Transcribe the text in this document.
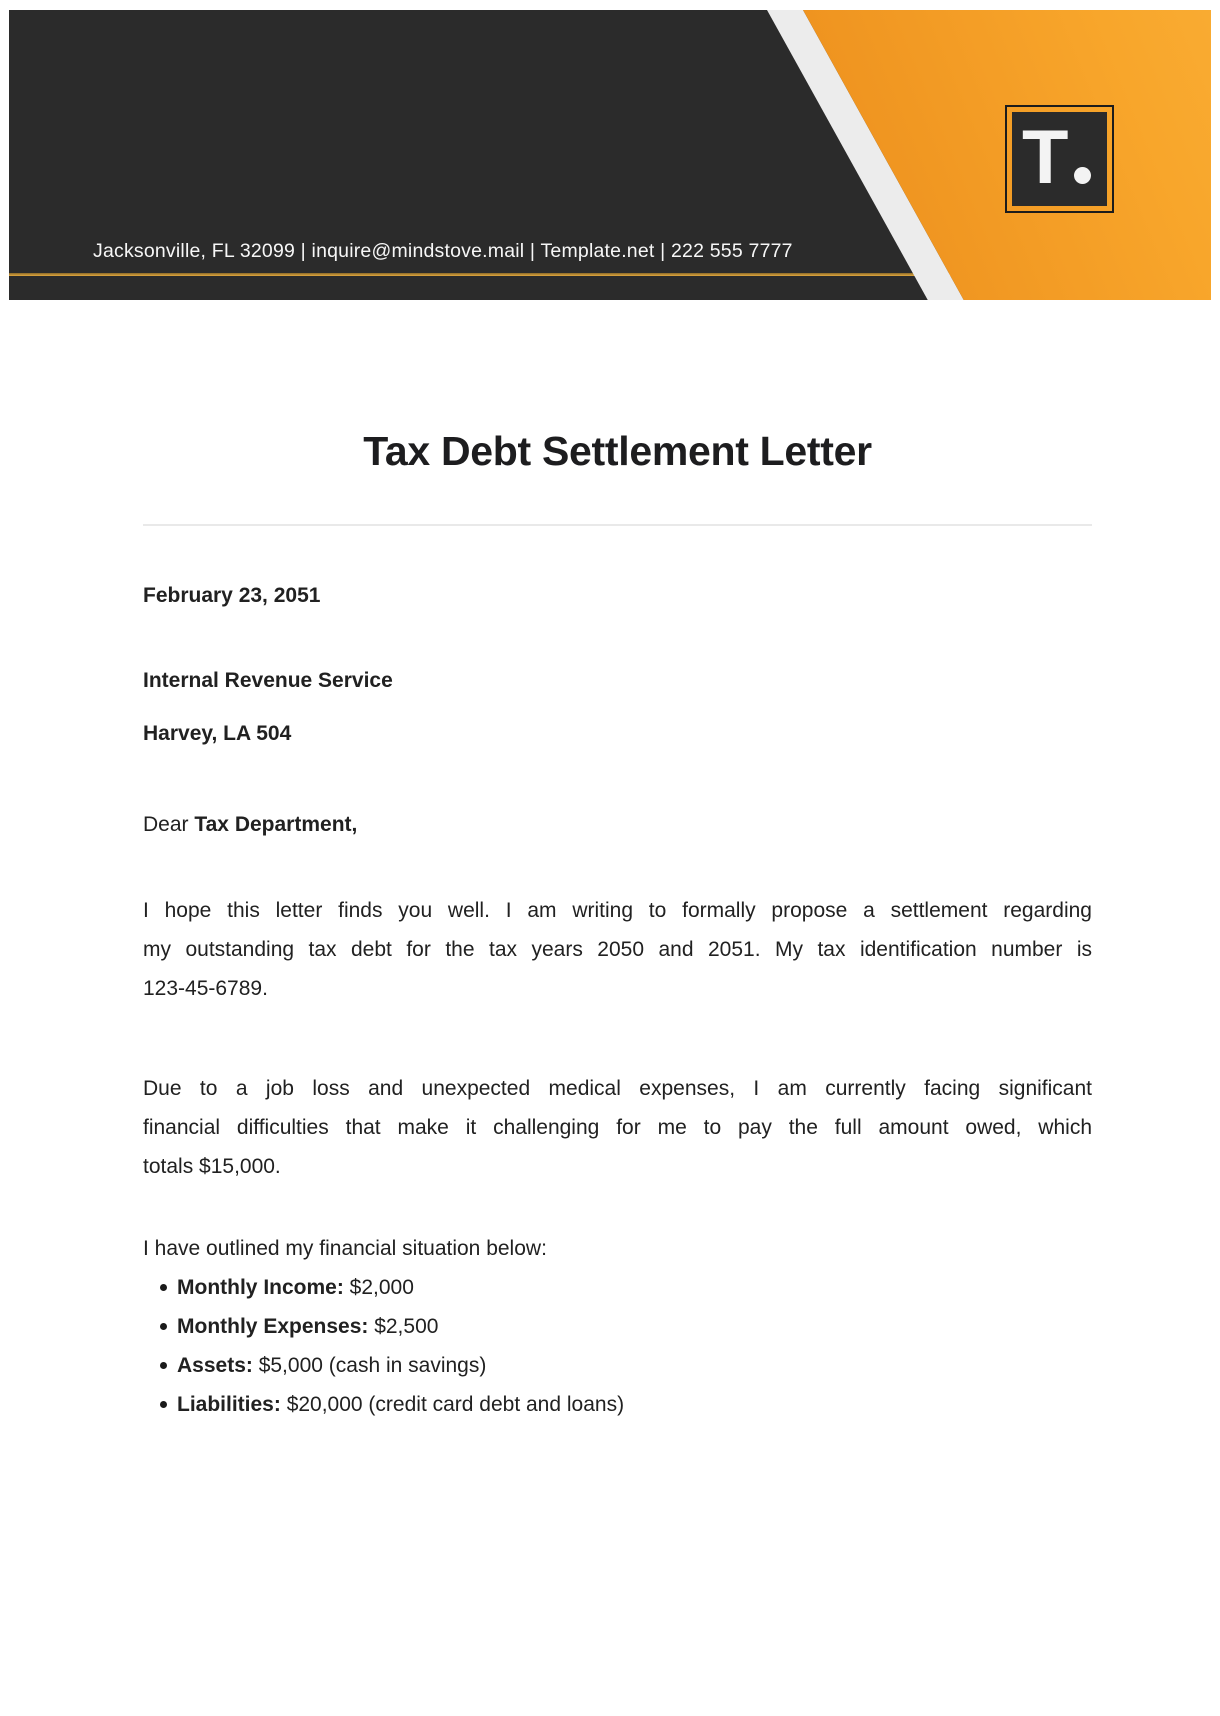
T
Jacksonville, FL 32099 | inquire@mindstove.mail | Template.net | 222 555 7777
Tax Debt Settlement Letter
February 23, 2051
Internal Revenue Service
Harvey, LA 504
Dear Tax Department,
I hope this letter finds you well. I am writing to formally propose a settlement regarding
my outstanding tax debt for the tax years 2050 and 2051. My tax identification number is
123-45-6789.
Due to a job loss and unexpected medical expenses, I am currently facing significant
financial difficulties that make it challenging for me to pay the full amount owed, which
totals $15,000.
I have outlined my financial situation below:
Monthly Income: $2,000
Monthly Expenses: $2,500
Assets: $5,000 (cash in savings)
Liabilities: $20,000 (credit card debt and loans)
